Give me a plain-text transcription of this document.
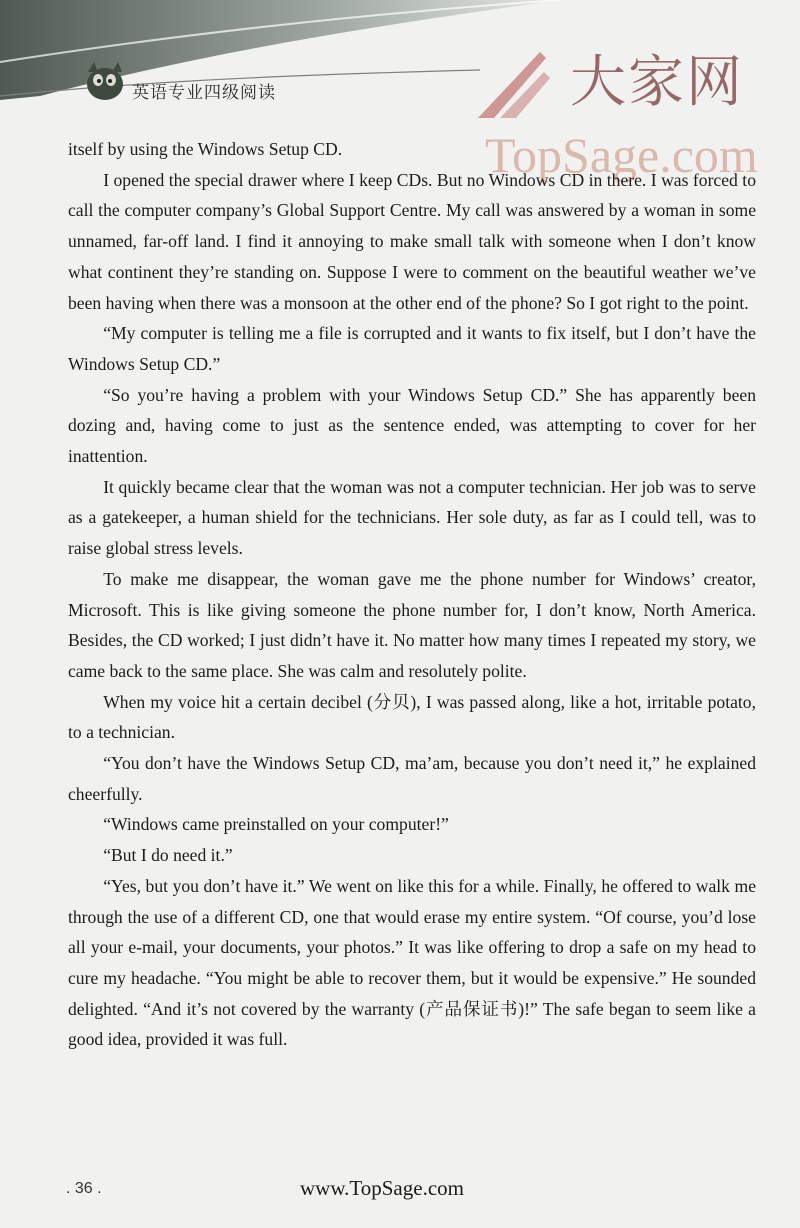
英语专业四级阅读	大家网
TopSage.com

itself by using the Windows Setup CD.

I opened the special drawer where I keep CDs. But no Windows CD in there. I was forced to call the computer company’s Global Support Centre. My call was answered by a woman in some unnamed, far-off land. I find it annoying to make small talk with someone when I don’t know what continent they’re standing on. Suppose I were to comment on the beautiful weather we’ve been having when there was a monsoon at the other end of the phone? So I got right to the point.

“My computer is telling me a file is corrupted and it wants to fix itself, but I don’t have the Windows Setup CD.”

“So you’re having a problem with your Windows Setup CD.” She has apparently been dozing and, having come to just as the sentence ended, was attempting to cover for her inattention.

It quickly became clear that the woman was not a computer technician. Her job was to serve as a gatekeeper, a human shield for the technicians. Her sole duty, as far as I could tell, was to raise global stress levels.

To make me disappear, the woman gave me the phone number for Windows’ creator, Microsoft. This is like giving someone the phone number for, I don’t know, North America. Besides, the CD worked; I just didn’t have it. No matter how many times I repeated my story, we came back to the same place. She was calm and resolutely polite.

When my voice hit a certain decibel (分贝), I was passed along, like a hot, irritable potato, to a technician.

“You don’t have the Windows Setup CD, ma’am, because you don’t need it,” he explained cheerfully.

“Windows came preinstalled on your computer!”

“But I do need it.”

“Yes, but you don’t have it.” We went on like this for a while. Finally, he offered to walk me through the use of a different CD, one that would erase my entire system. “Of course, you’d lose all your e-mail, your documents, your photos.” It was like offering to drop a safe on my head to cure my headache. “You might be able to recover them, but it would be expensive.” He sounded delighted. “And it’s not covered by the warranty (产品保证书)!” The safe began to seem like a good idea, provided it was full.

. 36 .	www.TopSage.com
